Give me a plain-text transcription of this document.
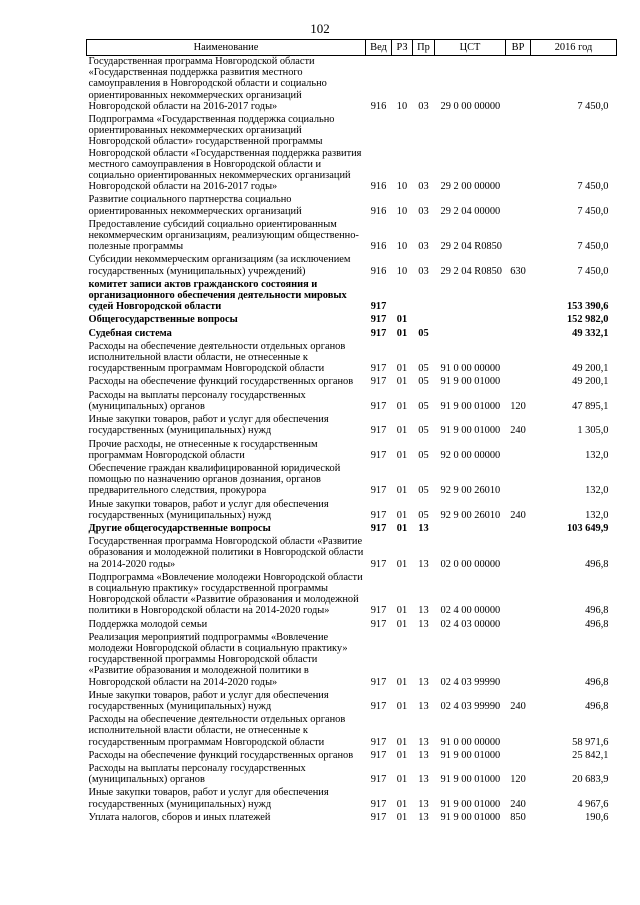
102
Наименование	Вед	РЗ	Пр	ЦСТ	ВР	2016 год
Государственная программа Новгородской области «Государственная поддержка развития местного самоуправления в Новгородской области и социально ориентированных некоммерческих организаций Новгородской области на 2016-2017 годы»	916	10	03	29 0 00 00000		7 450,0
Подпрограмма «Государственная поддержка социально ориентированных некоммерческих организаций Новгородской области» государственной программы Новгородской области «Государственная поддержка развития местного самоуправления в Новгородской области и социально ориентированных некоммерческих организаций Новгородской области на 2016-2017 годы»	916	10	03	29 2 00 00000		7 450,0
Развитие социального партнерства социально ориентированных некоммерческих организаций	916	10	03	29 2 04 00000		7 450,0
Предоставление субсидий социально ориентированным некоммерческим организациям, реализующим общественно-полезные программы	916	10	03	29 2 04 R0850		7 450,0
Субсидии некоммерческим организациям (за исключением государственных (муниципальных) учреждений)	916	10	03	29 2 04 R0850	630	7 450,0
комитет записи актов гражданского состояния и организационного обеспечения деятельности мировых судей Новгородской области	917					153 390,6
Общегосударственные вопросы	917	01				152 982,0
Судебная система	917	01	05			49 332,1
Расходы на обеспечение деятельности отдельных органов исполнительной власти области, не отнесенные к государственным программам Новгородской области	917	01	05	91 0 00 00000		49 200,1
Расходы на обеспечение функций государственных органов	917	01	05	91 9 00 01000		49 200,1
Расходы на выплаты персоналу государственных (муниципальных) органов	917	01	05	91 9 00 01000	120	47 895,1
Иные закупки товаров, работ и услуг для обеспечения государственных (муниципальных) нужд	917	01	05	91 9 00 01000	240	1 305,0
Прочие расходы, не отнесенные к государственным программам Новгородской области	917	01	05	92 0 00 00000		132,0
Обеспечение граждан квалифицированной юридической помощью по назначению органов дознания, органов предварительного следствия, прокурора	917	01	05	92 9 00 26010		132,0
Иные закупки товаров, работ и услуг для обеспечения государственных (муниципальных) нужд	917	01	05	92 9 00 26010	240	132,0
Другие общегосударственные вопросы	917	01	13			103 649,9
Государственная программа Новгородской области «Развитие образования и молодежной политики в Новгородской области на 2014-2020 годы»	917	01	13	02 0 00 00000		496,8
Подпрограмма «Вовлечение молодежи Новгородской области в социальную практику» государственной программы Новгородской области «Развитие образования и молодежной политики в Новгородской области на 2014-2020 годы»	917	01	13	02 4 00 00000		496,8
Поддержка молодой семьи	917	01	13	02 4 03 00000		496,8
Реализация мероприятий подпрограммы «Вовлечение молодежи Новгородской области в социальную практику» государственной программы Новгородской области «Развитие образования и молодежной политики в Новгородской области на 2014-2020 годы»	917	01	13	02 4 03 99990		496,8
Иные закупки товаров, работ и услуг для обеспечения государственных (муниципальных) нужд	917	01	13	02 4 03 99990	240	496,8
Расходы на обеспечение деятельности отдельных органов исполнительной власти области, не отнесенные к государственным программам Новгородской области	917	01	13	91 0 00 00000		58 971,6
Расходы на обеспечение функций государственных органов	917	01	13	91 9 00 01000		25 842,1
Расходы на выплаты персоналу государственных (муниципальных) органов	917	01	13	91 9 00 01000	120	20 683,9
Иные закупки товаров, работ и услуг для обеспечения государственных (муниципальных) нужд	917	01	13	91 9 00 01000	240	4 967,6
Уплата налогов, сборов и иных платежей	917	01	13	91 9 00 01000	850	190,6
